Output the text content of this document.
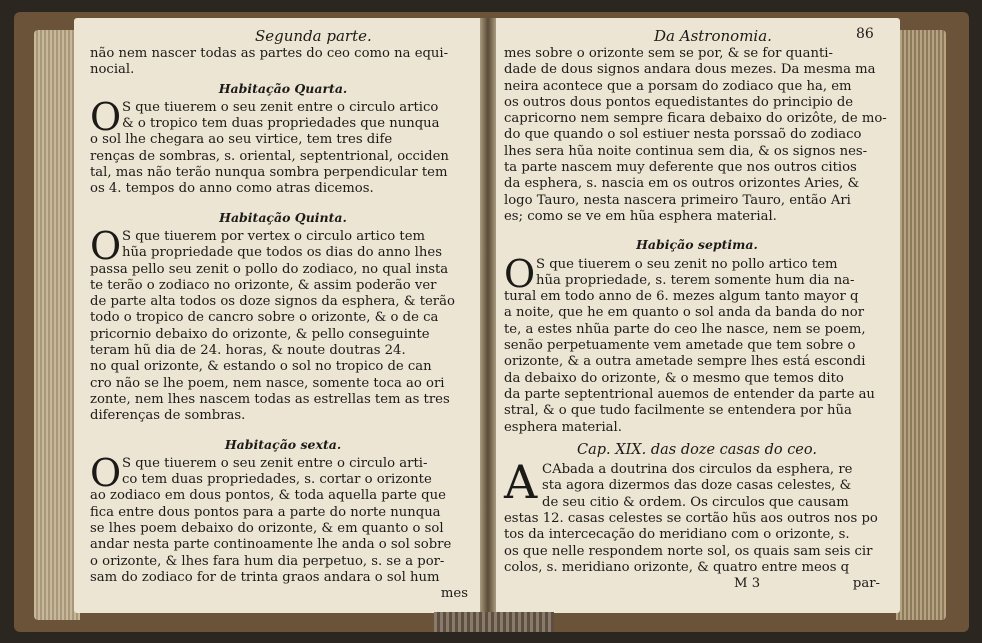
Segunda parte.
não nem nascer todas as partes do ceo como na equi-
nocial.
Habitação Quarta.
O S que tiuerem o seu zenit entre o circulo artico
& o tropico tem duas propriedades que nunqua
o sol lhe chegara ao seu virtice, tem tres dife
renças de sombras, s. oriental, septentrional, occiden
tal, mas não terão nunqua sombra perpendicular tem
os 4. tempos do anno como atras dicemos.
Habitação Quinta.
O S que tiuerem por vertex o circulo artico tem
hũa propriedade que todos os dias do anno lhes
passa pello seu zenit o pollo do zodiaco, no qual insta
te terão o zodiaco no orizonte, & assim poderão ver
de parte alta todos os doze signos da esphera, & terão
todo o tropico de cancro sobre o orizonte, & o de ca
pricornio debaixo do orizonte, & pello conseguinte
teram hũ dia de 24. horas, & noute doutras 24.
no qual orizonte, & estando o sol no tropico de can
cro não se lhe poem, nem nasce, somente toca ao ori
zonte, nem lhes nascem todas as estrellas tem as tres
diferenças de sombras.
Habitação sexta.
O S que tiuerem o seu zenit entre o circulo arti-
co tem duas propriedades, s. cortar o orizonte
ao zodiaco em dous pontos, & toda aquella parte que
fica entre dous pontos para a parte do norte nunqua
se lhes poem debaixo do orizonte, & em quanto o sol
andar nesta parte continoamente lhe anda o sol sobre
o orizonte, & lhes fara hum dia perpetuo, s. se a por-
sam do zodiaco for de trinta graos andara o sol hum
mes
Da Astronomia.	86
mes sobre o orizonte sem se por, & se for quanti-
dade de dous signos andara dous mezes. Da mesma ma
neira acontece que a porsam do zodiaco que ha, em
os outros dous pontos equedistantes do principio de
capricorno nem sempre ficara debaixo do orizôte, de mo-
do que quando o sol estiuer nesta porssaõ do zodiaco
lhes sera hũa noite continua sem dia, & os signos nes-
ta parte nascem muy deferente que nos outros citios
da esphera, s. nascia em os outros orizontes Aries, &
logo Tauro, nesta nascera primeiro Tauro, então Ari
es; como se ve em hũa esphera material.
Habição septima.
O S que tiuerem o seu zenit no pollo artico tem
hũa propriedade, s. terem somente hum dia na-
tural em todo anno de 6. mezes algum tanto mayor q
a noite, que he em quanto o sol anda da banda do nor
te, a estes nhũa parte do ceo lhe nasce, nem se poem,
senão perpetuamente vem ametade que tem sobre o
orizonte, & a outra ametade sempre lhes está escondi
da debaixo do orizonte, & o mesmo que temos dito
da parte septentrional auemos de entender da parte au
stral, & o que tudo facilmente se entendera por hũa
esphera material.
Cap. XIX. das doze casas do ceo.
A CAbada a doutrina dos circulos da esphera, re
sta agora dizermos das doze casas celestes, &
de seu citio & ordem. Os circulos que causam
estas 12. casas celestes se cortão hũs aos outros nos po
tos da intercecação do meridiano com o orizonte, s.
os que nelle respondem norte sol, os quais sam seis cir
colos, s. meridiano orizonte, & quatro entre meos q
M 3	par-
